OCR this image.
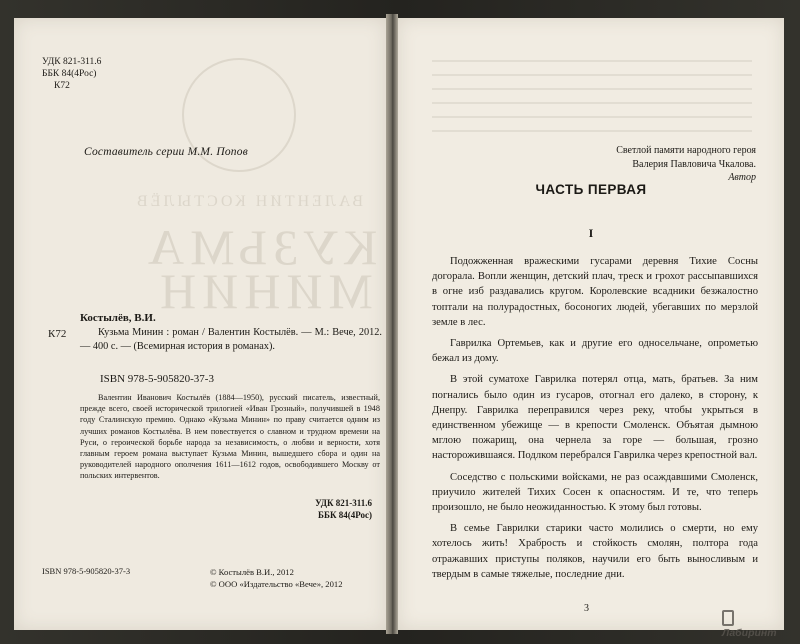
ВАЛЕНТИН КОСТЫЛЁВ
КУЗЬМА
МИНИН
УДК 821-311.6
ББК 84(4Рос)
К72
Составитель серии М.М. Попов
Костылёв, В.И.
К72	Кузьма Минин : роман / Валентин Костылёв. — М.: Вече, 2012. — 400 с. — (Всемирная история в романах).
ISBN 978-5-905820-37-3
Валентин Иванович Костылёв (1884—1950), русский писатель, известный, прежде всего, своей исторической трилогией «Иван Грозный», получившей в 1948 году Сталинскую премию. Однако «Кузьма Минин» по праву считается одним из лучших романов Костылёва. В нем повествуется о славном и трудном времени на Руси, о героической борьбе народа за независимость, о любви и верности, хотя главным героем романа выступает Кузьма Минин, вышедшего сбора и один на руководителей народного ополчения 1611—1612 годов, освободившего Москву от польских интервентов.
УДК 821-311.6
ББК 84(4Рос)
ISBN 978-5-905820-37-3	© Костылёв В.И., 2012
© ООО «Издательство «Вече», 2012
Светлой памяти народного героя
Валерия Павловича Чкалова.
Автор
ЧАСТЬ ПЕРВАЯ
I

Подожженная вражескими гусарами деревня Тихие Сосны догорала. Вопли женщин, детский плач, треск и грохот рассыпавшихся в огне изб раздавались кругом. Королевские всадники безжалостно топтали на полурадостных, босоногих людей, убегавших по мерзлой земле в лес.

Гаврилка Ортемьев, как и другие его односельчане, опрометью бежал из дому.

В этой суматохе Гаврилка потерял отца, мать, братьев. За ним погнались было один из гусаров, отогнал его далеко, в сторону, к Днепру. Гаврилка переправился через реку, чтобы укрыться в единственном убежище — в крепости Смоленск. Объятая дымною мглою пожарищ, она чернела за горе — большая, грозно насторожившаяся. Подлком перебрался Гаврилка через крепостной вал.

Соседство с польскими войсками, не раз осаждавшими Смоленск, приучило жителей Тихих Сосен к опасностям. И те, что теперь произошло, не было неожиданностью. К этому был готовы.

В семье Гаврилки старики часто молились о смерти, но ему хотелось жить! Храбрость и стойкость смолян, полтора года отражавших приступы поляков, научили его быть выносливым и твердым в самые тяжелые, последние дни.

3
Лабиринт
